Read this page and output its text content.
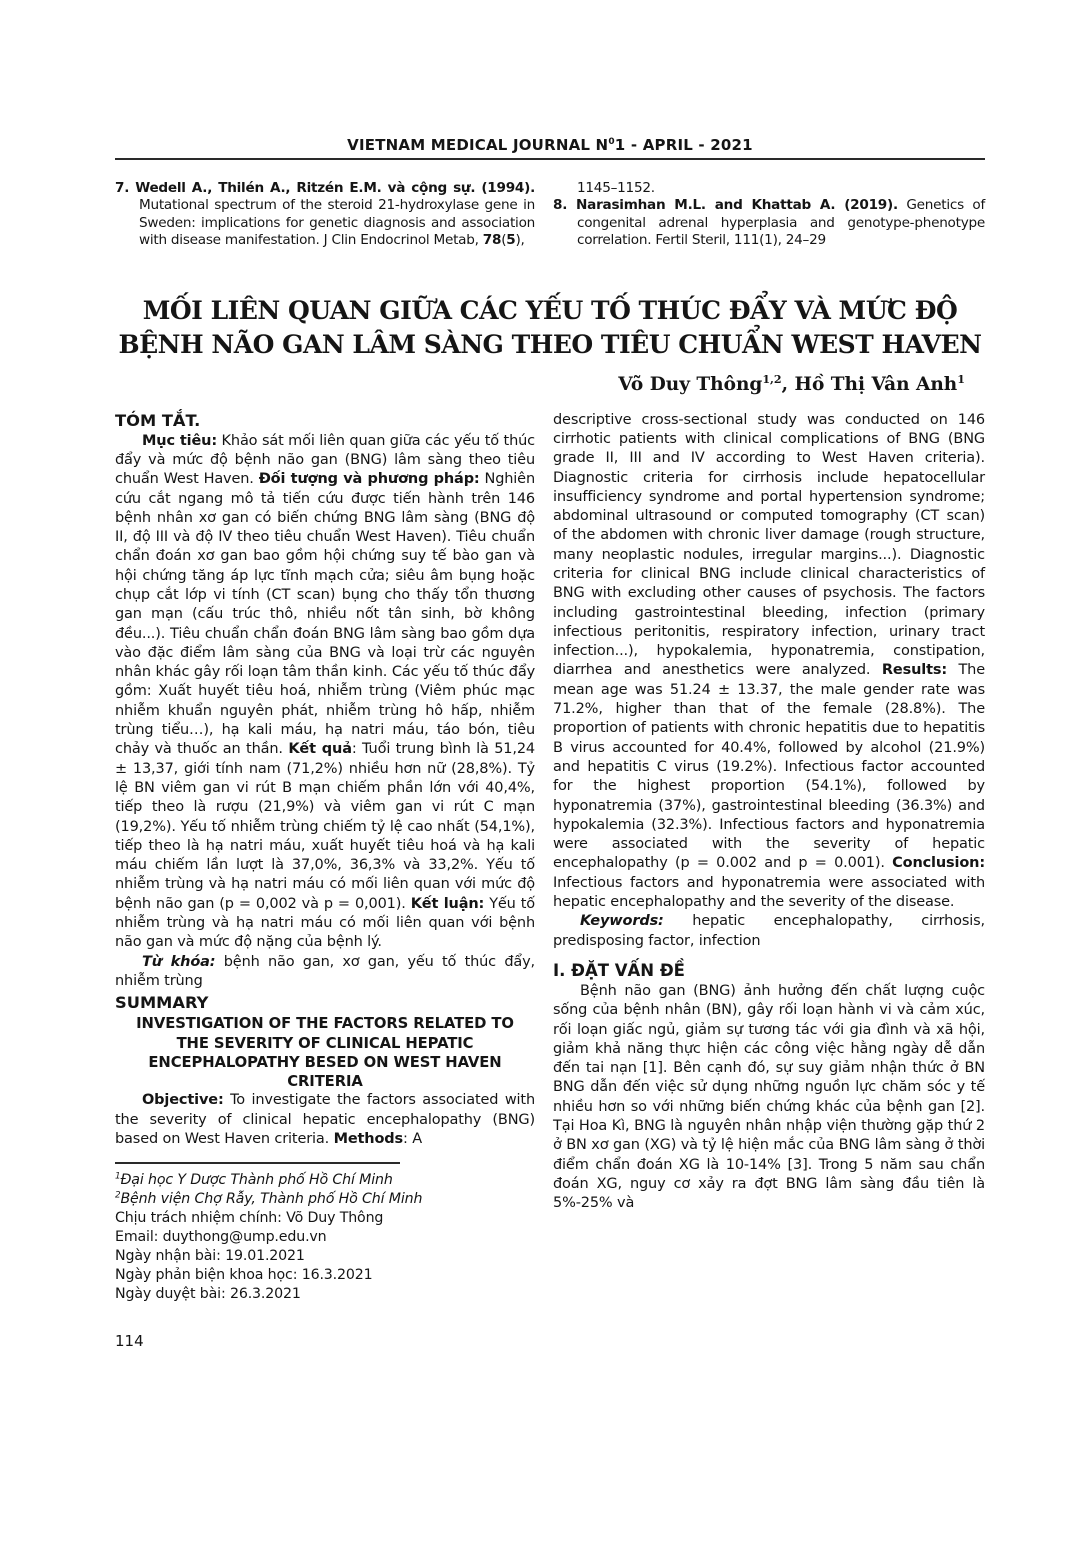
VIETNAM MEDICAL JOURNAL $N^01$ - APRIL - 2021

7. Wedell A., Thilén A., Ritzén E.M. và cộng sự. (1994). Mutational spectrum of the steroid 21-hydroxylase gene in Sweden: implications for genetic diagnosis and association with disease manifestation. J Clin Endocrinol Metab, 78(5),

1145–1152.

8. Narasimhan M.L. and Khattab A. (2019). Genetics of congenital adrenal hyperplasia and genotype-phenotype correlation. Fertil Steril, 111(1), 24–29

MỐI LIÊN QUAN GIỮA CÁC YẾU TỐ THÚC ĐẨY VÀ MỨC ĐỘ
BỆNH NÃO GAN LÂM SÀNG THEO TIÊU CHUẨN WEST HAVEN
Võ Duy Thông$^{1,2}$, Hồ Thị Vân Anh$^1$
TÓM TẮT.

Mục tiêu: Khảo sát mối liên quan giữa các yếu tố thúc đẩy và mức độ bệnh não gan (BNG) lâm sàng theo tiêu chuẩn West Haven. Đối tượng và phương pháp: Nghiên cứu cắt ngang mô tả tiến cứu được tiến hành trên 146 bệnh nhân xơ gan có biến chứng BNG lâm sàng (BNG độ II, độ III và độ IV theo tiêu chuẩn West Haven). Tiêu chuẩn chẩn đoán xơ gan bao gồm hội chứng suy tế bào gan và hội chứng tăng áp lực tĩnh mạch cửa; siêu âm bụng hoặc chụp cắt lớp vi tính (CT scan) bụng cho thấy tổn thương gan mạn (cấu trúc thô, nhiều nốt tân sinh, bờ không đều...). Tiêu chuẩn chẩn đoán BNG lâm sàng bao gồm dựa vào đặc điểm lâm sàng của BNG và loại trừ các nguyên nhân khác gây rối loạn tâm thần kinh. Các yếu tố thúc đẩy gồm: Xuất huyết tiêu hoá, nhiễm trùng (Viêm phúc mạc nhiễm khuẩn nguyên phát, nhiễm trùng hô hấp, nhiễm trùng tiểu…), hạ kali máu, hạ natri máu, táo bón, tiêu chảy và thuốc an thần. Kết quả: Tuổi trung bình là 51,24 ± 13,37, giới tính nam (71,2%) nhiều hơn nữ (28,8%). Tỷ lệ BN viêm gan vi rút B mạn chiếm phần lớn với 40,4%, tiếp theo là rượu (21,9%) và viêm gan vi rút C mạn (19,2%). Yếu tố nhiễm trùng chiếm tỷ lệ cao nhất (54,1%), tiếp theo là hạ natri máu, xuất huyết tiêu hoá và hạ kali máu chiếm lần lượt là 37,0%, 36,3% và 33,2%. Yếu tố nhiễm trùng và hạ natri máu có mối liên quan với mức độ bệnh não gan (p = 0,002 và p = 0,001). Kết luận: Yếu tố nhiễm trùng và hạ natri máu có mối liên quan với bệnh não gan và mức độ nặng của bệnh lý.

Từ khóa: bệnh não gan, xơ gan, yếu tố thúc đẩy, nhiễm trùng

SUMMARY
INVESTIGATION OF THE FACTORS RELATED TO THE SEVERITY OF CLINICAL HEPATIC ENCEPHALOPATHY BESED ON WEST HAVEN CRITERIA

Objective: To investigate the factors associated with the severity of clinical hepatic encephalopathy (BNG) based on West Haven criteria. Methods: A

$^1$Đại học Y Dược Thành phố Hồ Chí Minh
$^2$Bệnh viện Chợ Rẫy, Thành phố Hồ Chí Minh
Chịu trách nhiệm chính: Võ Duy Thông
Email: duythong@ump.edu.vn
Ngày nhận bài: 19.01.2021
Ngày phản biện khoa học: 16.3.2021
Ngày duyệt bài: 26.3.2021
114

descriptive cross-sectional study was conducted on 146 cirrhotic patients with clinical complications of BNG (BNG grade II, III and IV according to West Haven criteria). Diagnostic criteria for cirrhosis include hepatocellular insufficiency syndrome and portal hypertension syndrome; abdominal ultrasound or computed tomography (CT scan) of the abdomen with chronic liver damage (rough structure, many neoplastic nodules, irregular margins...). Diagnostic criteria for clinical BNG include clinical characteristics of BNG with excluding other causes of psychosis. The factors including gastrointestinal bleeding, infection (primary infectious peritonitis, respiratory infection, urinary tract infection...), hypokalemia, hyponatremia, constipation, diarrhea and anesthetics were analyzed. Results: The mean age was 51.24 ± 13.37, the male gender rate was 71.2%, higher than that of the female (28.8%). The proportion of patients with chronic hepatitis due to hepatitis B virus accounted for 40.4%, followed by alcohol (21.9%) and hepatitis C virus (19.2%). Infectious factor accounted for the highest proportion (54.1%), followed by hyponatremia (37%), gastrointestinal bleeding (36.3%) and hypokalemia (32.3%). Infectious factors and hyponatremia were associated with the severity of hepatic encephalopathy (p = 0.002 and p = 0.001). Conclusion: Infectious factors and hyponatremia were associated with hepatic encephalopathy and the severity of the disease.

Keywords: hepatic encephalopathy, cirrhosis, predisposing factor, infection

I. ĐẶT VẤN ĐỀ

Bệnh não gan (BNG) ảnh hưởng đến chất lượng cuộc sống của bệnh nhân (BN), gây rối loạn hành vi và cảm xúc, rối loạn giấc ngủ, giảm sự tương tác với gia đình và xã hội, giảm khả năng thực hiện các công việc hằng ngày dễ dẫn đến tai nạn [1]. Bên cạnh đó, sự suy giảm nhận thức ở BN BNG dẫn đến việc sử dụng những nguồn lực chăm sóc y tế nhiều hơn so với những biến chứng khác của bệnh gan [2]. Tại Hoa Kì, BNG là nguyên nhân nhập viện thường gặp thứ 2 ở BN xơ gan (XG) và tỷ lệ hiện mắc của BNG lâm sàng ở thời điểm chẩn đoán XG là 10-14% [3]. Trong 5 năm sau chẩn đoán XG, nguy cơ xảy ra đợt BNG lâm sàng đầu tiên là 5%-25% và
